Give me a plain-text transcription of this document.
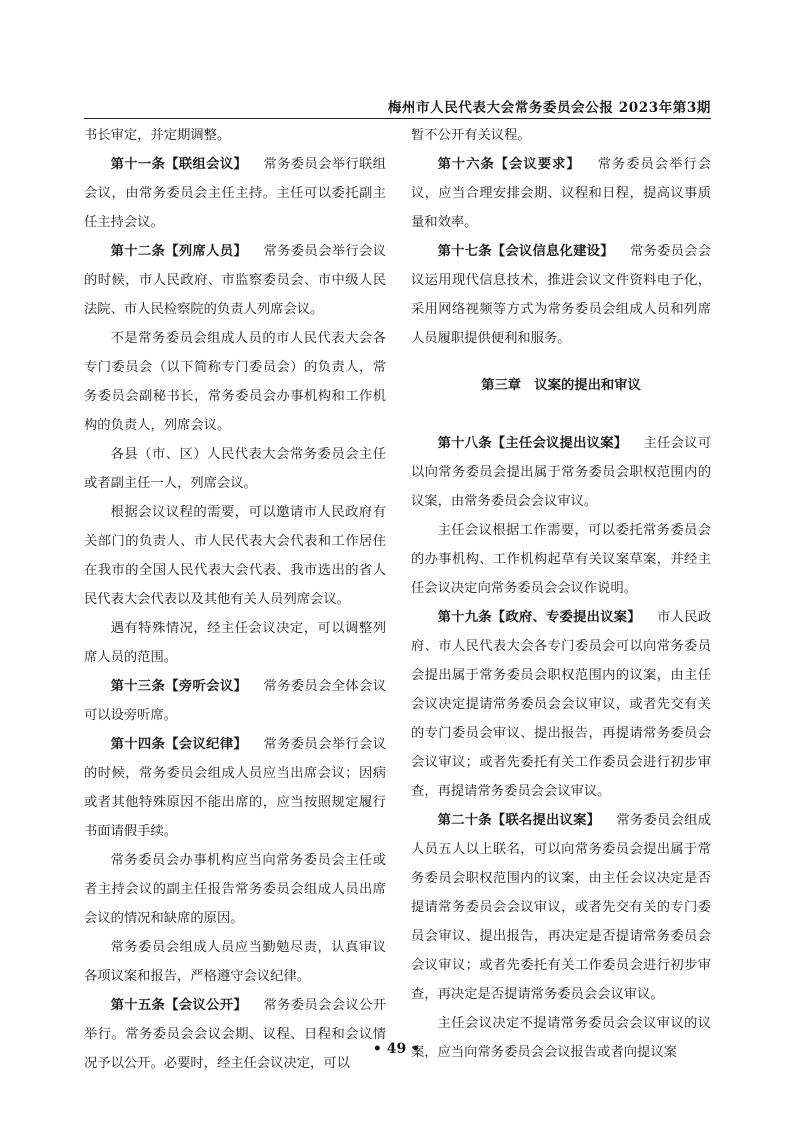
梅州市人民代表大会常务委员会公报 2023年第3期

书长审定，并定期调整。

第十一条【联组会议】 常务委员会举行联组会议，由常务委员会主任主持。主任可以委托副主任主持会议。

第十二条【列席人员】 常务委员会举行会议的时候，市人民政府、市监察委员会、市中级人民法院、市人民检察院的负责人列席会议。

不是常务委员会组成人员的市人民代表大会各专门委员会（以下简称专门委员会）的负责人，常务委员会副秘书长，常务委员会办事机构和工作机构的负责人，列席会议。

各县（市、区）人民代表大会常务委员会主任或者副主任一人，列席会议。

根据会议议程的需要，可以邀请市人民政府有关部门的负责人、市人民代表大会代表和工作居住在我市的全国人民代表大会代表、我市选出的省人民代表大会代表以及其他有关人员列席会议。

遇有特殊情况，经主任会议决定，可以调整列席人员的范围。

第十三条【旁听会议】 常务委员会全体会议可以设旁听席。

第十四条【会议纪律】 常务委员会举行会议的时候，常务委员会组成人员应当出席会议；因病或者其他特殊原因不能出席的，应当按照规定履行书面请假手续。

常务委员会办事机构应当向常务委员会主任或者主持会议的副主任报告常务委员会组成人员出席会议的情况和缺席的原因。

常务委员会组成人员应当勤勉尽责，认真审议各项议案和报告，严格遵守会议纪律。

第十五条【会议公开】 常务委员会会议公开举行。常务委员会会议会期、议程、日程和会议情况予以公开。必要时，经主任会议决定，可以

暂不公开有关议程。

第十六条【会议要求】 常务委员会举行会议，应当合理安排会期、议程和日程，提高议事质量和效率。

第十七条【会议信息化建设】 常务委员会会议运用现代信息技术，推进会议文件资料电子化，采用网络视频等方式为常务委员会组成人员和列席人员履职提供便利和服务。

第三章　议案的提出和审议

第十八条【主任会议提出议案】 主任会议可以向常务委员会提出属于常务委员会职权范围内的议案，由常务委员会会议审议。

主任会议根据工作需要，可以委托常务委员会的办事机构、工作机构起草有关议案草案，并经主任会议决定向常务委员会会议作说明。

第十九条【政府、专委提出议案】 市人民政府、市人民代表大会各专门委员会可以向常务委员会提出属于常务委员会职权范围内的议案，由主任会议决定提请常务委员会会议审议，或者先交有关的专门委员会审议、提出报告，再提请常务委员会会议审议；或者先委托有关工作委员会进行初步审查，再提请常务委员会会议审议。

第二十条【联名提出议案】 常务委员会组成人员五人以上联名，可以向常务委员会提出属于常务委员会职权范围内的议案，由主任会议决定是否提请常务委员会会议审议，或者先交有关的专门委员会审议、提出报告，再决定是否提请常务委员会会议审议；或者先委托有关工作委员会进行初步审查，再决定是否提请常务委员会会议审议。

主任会议决定不提请常务委员会会议审议的议案，应当向常务委员会会议报告或者向提议案

• 49 •
